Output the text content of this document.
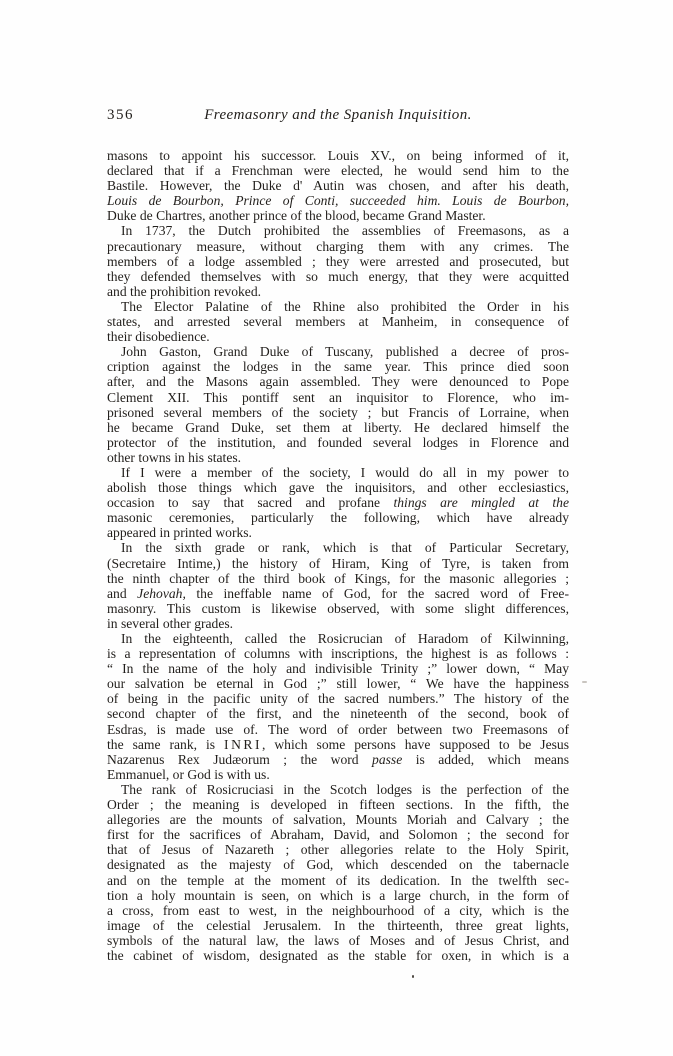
356	Freemasonry and the Spanish Inquisition.
masons to appoint his successor. Louis XV., on being informed of it,
declared that if a Frenchman were elected, he would send him to the
Bastile. However, the Duke d' Autin was chosen, and after his death,
Louis de Bourbon, Prince of Conti, succeeded him. Louis de Bourbon,
Duke de Chartres, another prince of the blood, became Grand Master.
In 1737, the Dutch prohibited the assemblies of Freemasons, as a
precautionary measure, without charging them with any crimes. The
members of a lodge assembled ; they were arrested and prosecuted, but
they defended themselves with so much energy, that they were acquitted
and the prohibition revoked.
The Elector Palatine of the Rhine also prohibited the Order in his
states, and arrested several members at Manheim, in consequence of
their disobedience.
John Gaston, Grand Duke of Tuscany, published a decree of pros-
cription against the lodges in the same year. This prince died soon
after, and the Masons again assembled. They were denounced to Pope
Clement XII. This pontiff sent an inquisitor to Florence, who im-
prisoned several members of the society ; but Francis of Lorraine, when
he became Grand Duke, set them at liberty. He declared himself the
protector of the institution, and founded several lodges in Florence and
other towns in his states.
If I were a member of the society, I would do all in my power to
abolish those things which gave the inquisitors, and other ecclesiastics,
occasion to say that sacred and profane things are mingled at the
masonic ceremonies, particularly the following, which have already
appeared in printed works.
In the sixth grade or rank, which is that of Particular Secretary,
(Secretaire Intime,) the history of Hiram, King of Tyre, is taken from
the ninth chapter of the third book of Kings, for the masonic allegories ;
and Jehovah, the ineffable name of God, for the sacred word of Free-
masonry. This custom is likewise observed, with some slight differences,
in several other grades.
In the eighteenth, called the Rosicrucian of Haradom of Kilwinning,
is a representation of columns with inscriptions, the highest is as follows :
“ In the name of the holy and indivisible Trinity ;” lower down, “ May
our salvation be eternal in God ;” still lower, “ We have the happiness
of being in the pacific unity of the sacred numbers.” The history of the
second chapter of the first, and the nineteenth of the second, book of
Esdras, is made use of. The word of order between two Freemasons of
the same rank, is INRI, which some persons have supposed to be Jesus
Nazarenus Rex Judæorum ; the word passe is added, which means
Emmanuel, or God is with us.
The rank of Rosicruciasi in the Scotch lodges is the perfection of the
Order ; the meaning is developed in fifteen sections. In the fifth, the
allegories are the mounts of salvation, Mounts Moriah and Calvary ; the
first for the sacrifices of Abraham, David, and Solomon ; the second for
that of Jesus of Nazareth ; other allegories relate to the Holy Spirit,
designated as the majesty of God, which descended on the tabernacle
and on the temple at the moment of its dedication. In the twelfth sec-
tion a holy mountain is seen, on which is a large church, in the form of
a cross, from east to west, in the neighbourhood of a city, which is the
image of the celestial Jerusalem. In the thirteenth, three great lights,
symbols of the natural law, the laws of Moses and of Jesus Christ, and
the cabinet of wisdom, designated as the stable for oxen, in which is a
